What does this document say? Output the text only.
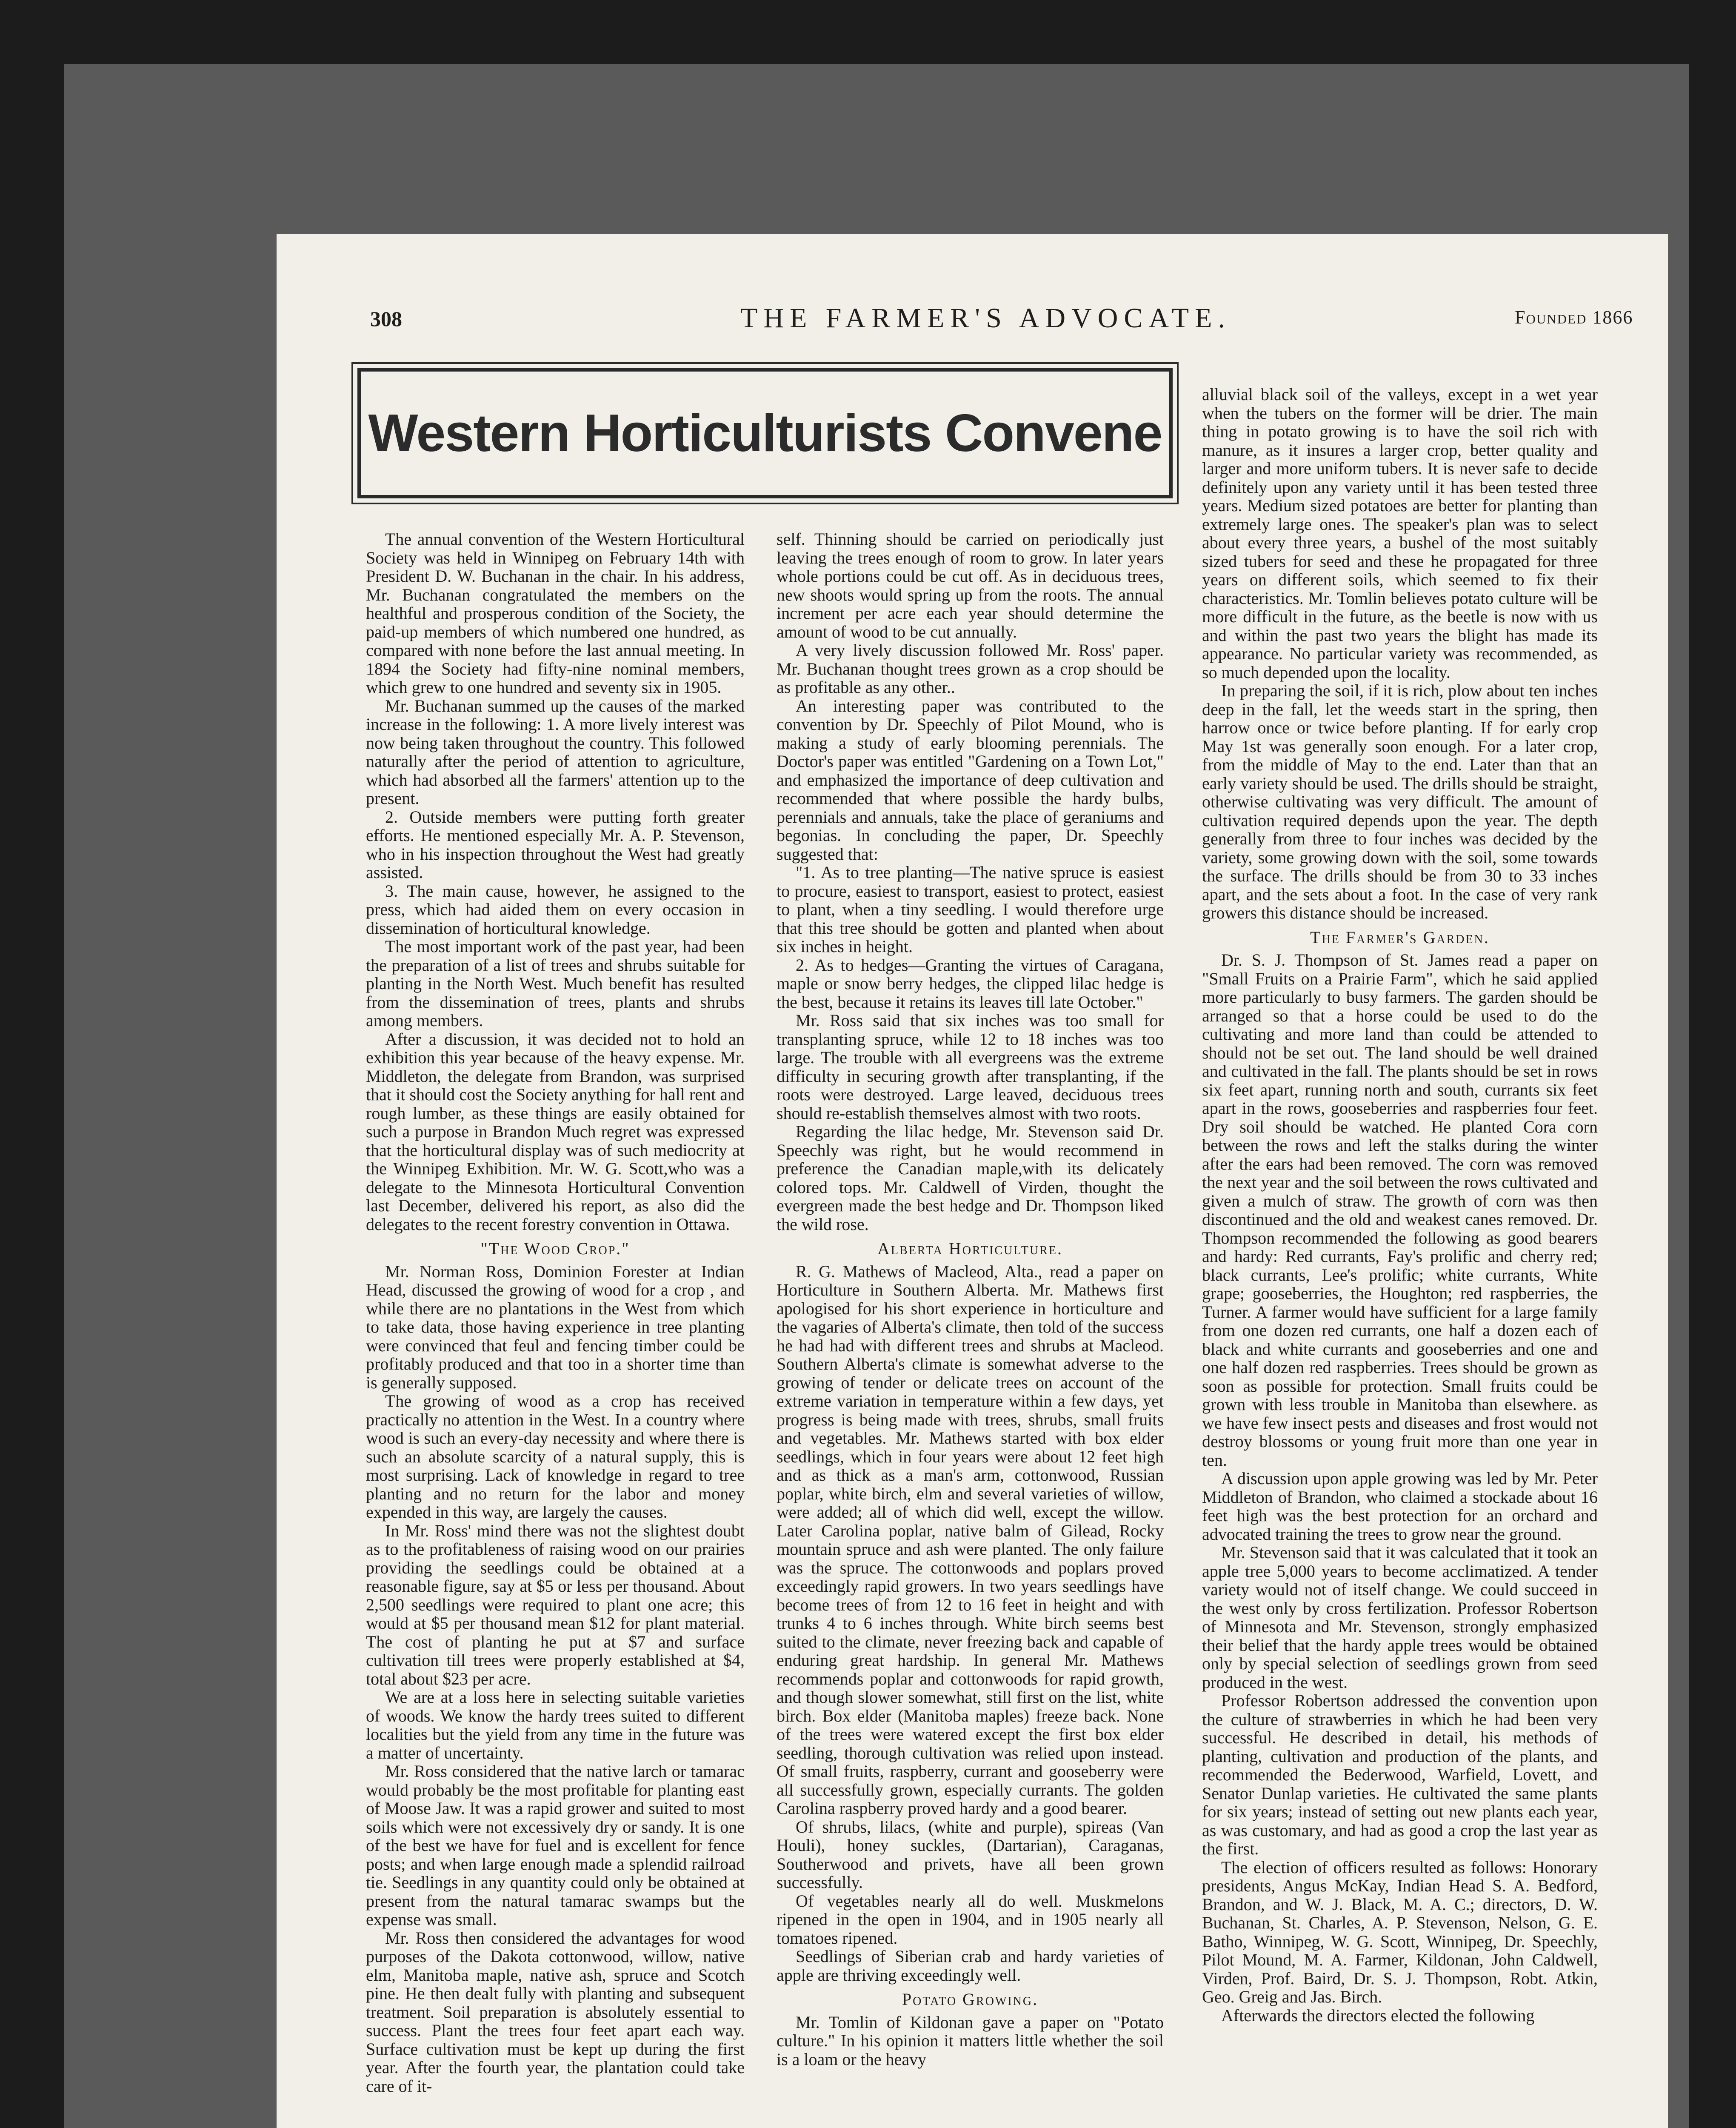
308	THE FARMER'S ADVOCATE.	Founded 1866
Western Horticulturists Convene

The annual convention of the Western Horticultural Society was held in Winnipeg on February 14th with President D. W. Buchanan in the chair. In his address, Mr. Buchanan congratulated the members on the healthful and prosperous condition of the Society, the paid-up members of which numbered one hundred, as compared with none before the last annual meeting. In 1894 the Society had fifty-nine nominal members, which grew to one hundred and seventy six in 1905.

Mr. Buchanan summed up the causes of the marked increase in the following: 1. A more lively interest was now being taken throughout the country. This followed naturally after the period of attention to agriculture, which had absorbed all the farmers' attention up to the present.

2. Outside members were putting forth greater efforts. He mentioned especially Mr. A. P. Stevenson, who in his inspection throughout the West had greatly assisted.

3. The main cause, however, he assigned to the press, which had aided them on every occasion in dissemination of horticultural knowledge.

The most important work of the past year, had been the preparation of a list of trees and shrubs suitable for planting in the North West. Much benefit has resulted from the dissemination of trees, plants and shrubs among members.

After a discussion, it was decided not to hold an exhibition this year because of the heavy expense. Mr. Middleton, the delegate from Brandon, was surprised that it should cost the Society anything for hall rent and rough lumber, as these things are easily obtained for such a purpose in Brandon Much regret was expressed that the horticultural display was of such mediocrity at the Winnipeg Exhibition. Mr. W. G. Scott,who was a delegate to the Minnesota Horticultural Convention last December, delivered his report, as also did the delegates to the recent forestry convention in Ottawa.

"The Wood Crop."

Mr. Norman Ross, Dominion Forester at Indian Head, discussed the growing of wood for a crop , and while there are no plantations in the West from which to take data, those having experience in tree planting were convinced that feul and fencing timber could be profitably produced and that too in a shorter time than is generally supposed.

The growing of wood as a crop has received practically no attention in the West. In a country where wood is such an every-day necessity and where there is such an absolute scarcity of a natural supply, this is most surprising. Lack of knowledge in regard to tree planting and no return for the labor and money expended in this way, are largely the causes.

In Mr. Ross' mind there was not the slightest doubt as to the profitableness of raising wood on our prairies providing the seedlings could be obtained at a reasonable figure, say at $5 or less per thousand. About 2,500 seedlings were required to plant one acre; this would at $5 per thousand mean $12 for plant material. The cost of planting he put at $7 and surface cultivation till trees were properly established at $4, total about $23 per acre.

We are at a loss here in selecting suitable varieties of woods. We know the hardy trees suited to different localities but the yield from any time in the future was a matter of uncertainty.

Mr. Ross considered that the native larch or tamarac would probably be the most profitable for planting east of Moose Jaw. It was a rapid grower and suited to most soils which were not excessively dry or sandy. It is one of the best we have for fuel and is excellent for fence posts; and when large enough made a splendid railroad tie. Seedlings in any quantity could only be obtained at present from the natural tamarac swamps but the expense was small.

Mr. Ross then considered the advantages for wood purposes of the Dakota cottonwood, willow, native elm, Manitoba maple, native ash, spruce and Scotch pine. He then dealt fully with planting and subsequent treatment. Soil preparation is absolutely essential to success. Plant the trees four feet apart each way. Surface cultivation must be kept up during the first year. After the fourth year, the plantation could take care of it-

self. Thinning should be carried on periodically just leaving the trees enough of room to grow. In later years whole portions could be cut off. As in deciduous trees, new shoots would spring up from the roots. The annual increment per acre each year should determine the amount of wood to be cut annually.

A very lively discussion followed Mr. Ross' paper. Mr. Buchanan thought trees grown as a crop should be as profitable as any other..

An interesting paper was contributed to the convention by Dr. Speechly of Pilot Mound, who is making a study of early blooming perennials. The Doctor's paper was entitled "Gardening on a Town Lot," and emphasized the importance of deep cultivation and recommended that where possible the hardy bulbs, perennials and annuals, take the place of geraniums and begonias. In concluding the paper, Dr. Speechly suggested that:

"1. As to tree planting—The native spruce is easiest to procure, easiest to transport, easiest to protect, easiest to plant, when a tiny seedling. I would therefore urge that this tree should be gotten and planted when about six inches in height.

2. As to hedges—Granting the virtues of Caragana, maple or snow berry hedges, the clipped lilac hedge is the best, because it retains its leaves till late October."

Mr. Ross said that six inches was too small for transplanting spruce, while 12 to 18 inches was too large. The trouble with all evergreens was the extreme difficulty in securing growth after transplanting, if the roots were destroyed. Large leaved, deciduous trees should re-establish themselves almost with two roots.

Regarding the lilac hedge, Mr. Stevenson said Dr. Speechly was right, but he would recommend in preference the Canadian maple,with its delicately colored tops. Mr. Caldwell of Virden, thought the evergreen made the best hedge and Dr. Thompson liked the wild rose.

Alberta Horticulture.

R. G. Mathews of Macleod, Alta., read a paper on Horticulture in Southern Alberta. Mr. Mathews first apologised for his short experience in horticulture and the vagaries of Alberta's climate, then told of the success he had had with different trees and shrubs at Macleod. Southern Alberta's climate is somewhat adverse to the growing of tender or delicate trees on account of the extreme variation in temperature within a few days, yet progress is being made with trees, shrubs, small fruits and vegetables. Mr. Mathews started with box elder seedlings, which in four years were about 12 feet high and as thick as a man's arm, cottonwood, Russian poplar, white birch, elm and several varieties of willow, were added; all of which did well, except the willow. Later Carolina poplar, native balm of Gilead, Rocky mountain spruce and ash were planted. The only failure was the spruce. The cottonwoods and poplars proved exceedingly rapid growers. In two years seedlings have become trees of from 12 to 16 feet in height and with trunks 4 to 6 inches through. White birch seems best suited to the climate, never freezing back and capable of enduring great hardship. In general Mr. Mathews recommends poplar and cottonwoods for rapid growth, and though slower somewhat, still first on the list, white birch. Box elder (Manitoba maples) freeze back. None of the trees were watered except the first box elder seedling, thorough cultivation was relied upon instead. Of small fruits, raspberry, currant and gooseberry were all successfully grown, especially currants. The golden Carolina raspberry proved hardy and a good bearer.

Of shrubs, lilacs, (white and purple), spireas (Van Houli), honey suckles, (Dartarian), Caraganas, Southerwood and privets, have all been grown successfully.

Of vegetables nearly all do well. Muskmelons ripened in the open in 1904, and in 1905 nearly all tomatoes ripened.

Seedlings of Siberian crab and hardy varieties of apple are thriving exceedingly well.

Potato Growing.

Mr. Tomlin of Kildonan gave a paper on "Potato culture." In his opinion it matters little whether the soil is a loam or the heavy

alluvial black soil of the valleys, except in a wet year when the tubers on the former will be drier. The main thing in potato growing is to have the soil rich with manure, as it insures a larger crop, better quality and larger and more uniform tubers. It is never safe to decide definitely upon any variety until it has been tested three years. Medium sized potatoes are better for planting than extremely large ones. The speaker's plan was to select about every three years, a bushel of the most suitably sized tubers for seed and these he propagated for three years on different soils, which seemed to fix their characteristics. Mr. Tomlin believes potato culture will be more difficult in the future, as the beetle is now with us and within the past two years the blight has made its appearance. No particular variety was recommended, as so much depended upon the locality.

In preparing the soil, if it is rich, plow about ten inches deep in the fall, let the weeds start in the spring, then harrow once or twice before planting. If for early crop May 1st was generally soon enough. For a later crop, from the middle of May to the end. Later than that an early variety should be used. The drills should be straight, otherwise cultivating was very difficult. The amount of cultivation required depends upon the year. The depth generally from three to four inches was decided by the variety, some growing down with the soil, some towards the surface. The drills should be from 30 to 33 inches apart, and the sets about a foot. In the case of very rank growers this distance should be increased.

The Farmer's Garden.

Dr. S. J. Thompson of St. James read a paper on "Small Fruits on a Prairie Farm", which he said applied more particularly to busy farmers. The garden should be arranged so that a horse could be used to do the cultivating and more land than could be attended to should not be set out. The land should be well drained and cultivated in the fall. The plants should be set in rows six feet apart, running north and south, currants six feet apart in the rows, gooseberries and raspberries four feet. Dry soil should be watched. He planted Cora corn between the rows and left the stalks during the winter after the ears had been removed. The corn was removed the next year and the soil between the rows cultivated and given a mulch of straw. The growth of corn was then discontinued and the old and weakest canes removed. Dr. Thompson recommended the following as good bearers and hardy: Red currants, Fay's prolific and cherry red; black currants, Lee's prolific; white currants, White grape; gooseberries, the Houghton; red raspberries, the Turner. A farmer would have sufficient for a large family from one dozen red currants, one half a dozen each of black and white currants and gooseberries and one and one half dozen red raspberries. Trees should be grown as soon as possible for protection. Small fruits could be grown with less trouble in Manitoba than elsewhere. as we have few insect pests and diseases and frost would not destroy blossoms or young fruit more than one year in ten.

A discussion upon apple growing was led by Mr. Peter Middleton of Brandon, who claimed a stockade about 16 feet high was the best protection for an orchard and advocated training the trees to grow near the ground.

Mr. Stevenson said that it was calculated that it took an apple tree 5,000 years to become acclimatized. A tender variety would not of itself change. We could succeed in the west only by cross fertilization. Professor Robertson of Minnesota and Mr. Stevenson, strongly emphasized their belief that the hardy apple trees would be obtained only by special selection of seedlings grown from seed produced in the west.

Professor Robertson addressed the convention upon the culture of strawberries in which he had been very successful. He described in detail, his methods of planting, cultivation and production of the plants, and recommended the Bederwood, Warfield, Lovett, and Senator Dunlap varieties. He cultivated the same plants for six years; instead of setting out new plants each year, as was customary, and had as good a crop the last year as the first.

The election of officers resulted as follows: Honorary presidents, Angus McKay, Indian Head S. A. Bedford, Brandon, and W. J. Black, M. A. C.; directors, D. W. Buchanan, St. Charles, A. P. Stevenson, Nelson, G. E. Batho, Winnipeg, W. G. Scott, Winnipeg, Dr. Speechly, Pilot Mound, M. A. Farmer, Kildonan, John Caldwell, Virden, Prof. Baird, Dr. S. J. Thompson, Robt. Atkin, Geo. Greig and Jas. Birch.

Afterwards the directors elected the following
